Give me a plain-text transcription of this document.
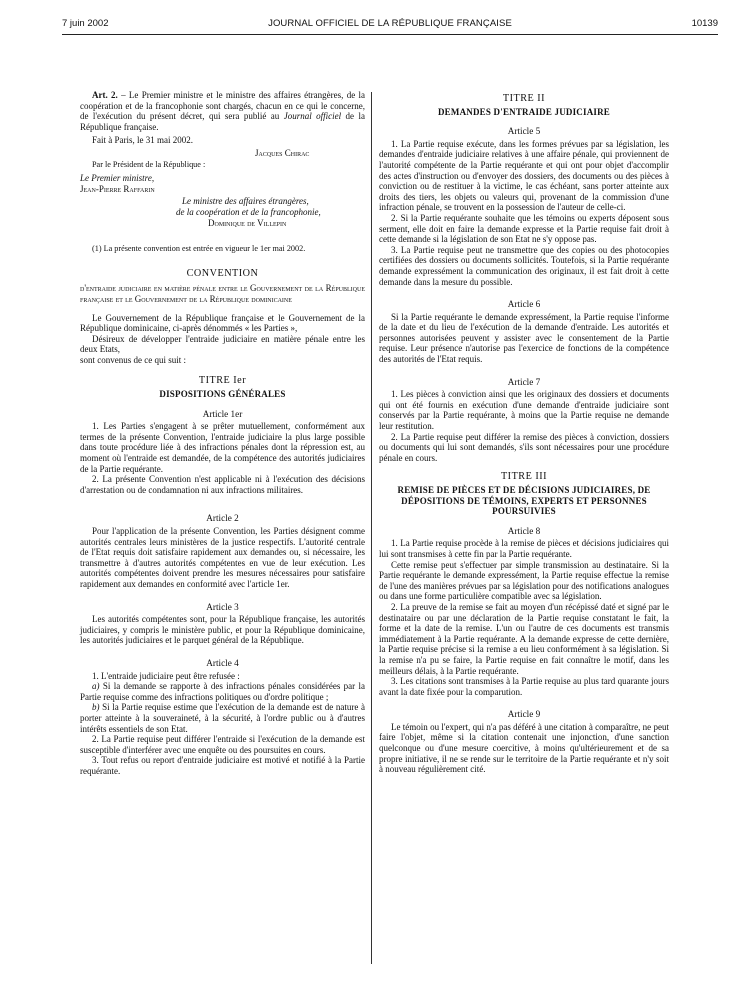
7 juin 2002	JOURNAL OFFICIEL DE LA RÉPUBLIQUE FRANÇAISE	10139

Art. 2. – Le Premier ministre et le ministre des affaires étrangères, de la coopération et de la francophonie sont chargés, chacun en ce qui le concerne, de l'exécution du présent décret, qui sera publié au Journal officiel de la République française.

Fait à Paris, le 31 mai 2002.

Jacques Chirac

Par le Président de la République :

Le Premier ministre,

Jean-Pierre Raffarin

Le ministre des affaires étrangères,

de la coopération et de la francophonie,

Dominique de Villepin

(1) La présente convention est entrée en vigueur le 1er mai 2002.

CONVENTION

d'entraide judiciaire en matière pénale entre le Gouvernement de la République française et le Gouvernement de la République dominicaine

Le Gouvernement de la République française et le Gouvernement de la République dominicaine, ci-après dénommés « les Parties »,

Désireux de développer l'entraide judiciaire en matière pénale entre les deux Etats,

sont convenus de ce qui suit :

TITRE Ier

DISPOSITIONS GÉNÉRALES

Article 1er

1. Les Parties s'engagent à se prêter mutuellement, conformément aux termes de la présente Convention, l'entraide judiciaire la plus large possible dans toute procédure liée à des infractions pénales dont la répression est, au moment où l'entraide est demandée, de la compétence des autorités judiciaires de la Partie requérante.

2. La présente Convention n'est applicable ni à l'exécution des décisions d'arrestation ou de condamnation ni aux infractions militaires.

Article 2

Pour l'application de la présente Convention, les Parties désignent comme autorités centrales leurs ministères de la justice respectifs. L'autorité centrale de l'Etat requis doit satisfaire rapidement aux demandes ou, si nécessaire, les transmettre à d'autres autorités compétentes en vue de leur exécution. Les autorités compétentes doivent prendre les mesures nécessaires pour satisfaire rapidement aux demandes en conformité avec l'article 1er.

Article 3

Les autorités compétentes sont, pour la République française, les autorités judiciaires, y compris le ministère public, et pour la République dominicaine, les autorités judiciaires et le parquet général de la République.

Article 4

1. L'entraide judiciaire peut être refusée :

a) Si la demande se rapporte à des infractions pénales considérées par la Partie requise comme des infractions politiques ou d'ordre politique ;

b) Si la Partie requise estime que l'exécution de la demande est de nature à porter atteinte à la souveraineté, à la sécurité, à l'ordre public ou à d'autres intérêts essentiels de son Etat.

2. La Partie requise peut différer l'entraide si l'exécution de la demande est susceptible d'interférer avec une enquête ou des poursuites en cours.

3. Tout refus ou report d'entraide judiciaire est motivé et notifié à la Partie requérante.

TITRE II

DEMANDES D'ENTRAIDE JUDICIAIRE

Article 5

1. La Partie requise exécute, dans les formes prévues par sa législation, les demandes d'entraide judiciaire relatives à une affaire pénale, qui proviennent de l'autorité compétente de la Partie requérante et qui ont pour objet d'accomplir des actes d'instruction ou d'envoyer des dossiers, des documents ou des pièces à conviction ou de restituer à la victime, le cas échéant, sans porter atteinte aux droits des tiers, les objets ou valeurs qui, provenant de la commission d'une infraction pénale, se trouvent en la possession de l'auteur de celle-ci.

2. Si la Partie requérante souhaite que les témoins ou experts déposent sous serment, elle doit en faire la demande expresse et la Partie requise fait droit à cette demande si la législation de son Etat ne s'y oppose pas.

3. La Partie requise peut ne transmettre que des copies ou des photocopies certifiées des dossiers ou documents sollicités. Toutefois, si la Partie requérante demande expressément la communication des originaux, il est fait droit à cette demande dans la mesure du possible.

Article 6

Si la Partie requérante le demande expressément, la Partie requise l'informe de la date et du lieu de l'exécution de la demande d'entraide. Les autorités et personnes autorisées peuvent y assister avec le consentement de la Partie requise. Leur présence n'autorise pas l'exercice de fonctions de la compétence des autorités de l'Etat requis.

Article 7

1. Les pièces à conviction ainsi que les originaux des dossiers et documents qui ont été fournis en exécution d'une demande d'entraide judiciaire sont conservés par la Partie requérante, à moins que la Partie requise ne demande leur restitution.

2. La Partie requise peut différer la remise des pièces à conviction, dossiers ou documents qui lui sont demandés, s'ils sont nécessaires pour une procédure pénale en cours.

TITRE III

REMISE DE PIÈCES ET DE DÉCISIONS JUDICIAIRES, DE DÉPOSITIONS DE TÉMOINS, EXPERTS ET PERSONNES POURSUIVIES

Article 8

1. La Partie requise procède à la remise de pièces et décisions judiciaires qui lui sont transmises à cette fin par la Partie requérante.

Cette remise peut s'effectuer par simple transmission au destinataire. Si la Partie requérante le demande expressément, la Partie requise effectue la remise de l'une des manières prévues par sa législation pour des notifications analogues ou dans une forme particulière compatible avec sa législation.

2. La preuve de la remise se fait au moyen d'un récépissé daté et signé par le destinataire ou par une déclaration de la Partie requise constatant le fait, la forme et la date de la remise. L'un ou l'autre de ces documents est transmis immédiatement à la Partie requérante. A la demande expresse de cette dernière, la Partie requise précise si la remise a eu lieu conformément à sa législation. Si la remise n'a pu se faire, la Partie requise en fait connaître le motif, dans les meilleurs délais, à la Partie requérante.

3. Les citations sont transmises à la Partie requise au plus tard quarante jours avant la date fixée pour la comparution.

Article 9

Le témoin ou l'expert, qui n'a pas déféré à une citation à comparaître, ne peut faire l'objet, même si la citation contenait une injonction, d'une sanction quelconque ou d'une mesure coercitive, à moins qu'ultérieurement et de sa propre initiative, il ne se rende sur le territoire de la Partie requérante et n'y soit à nouveau régulièrement cité.
